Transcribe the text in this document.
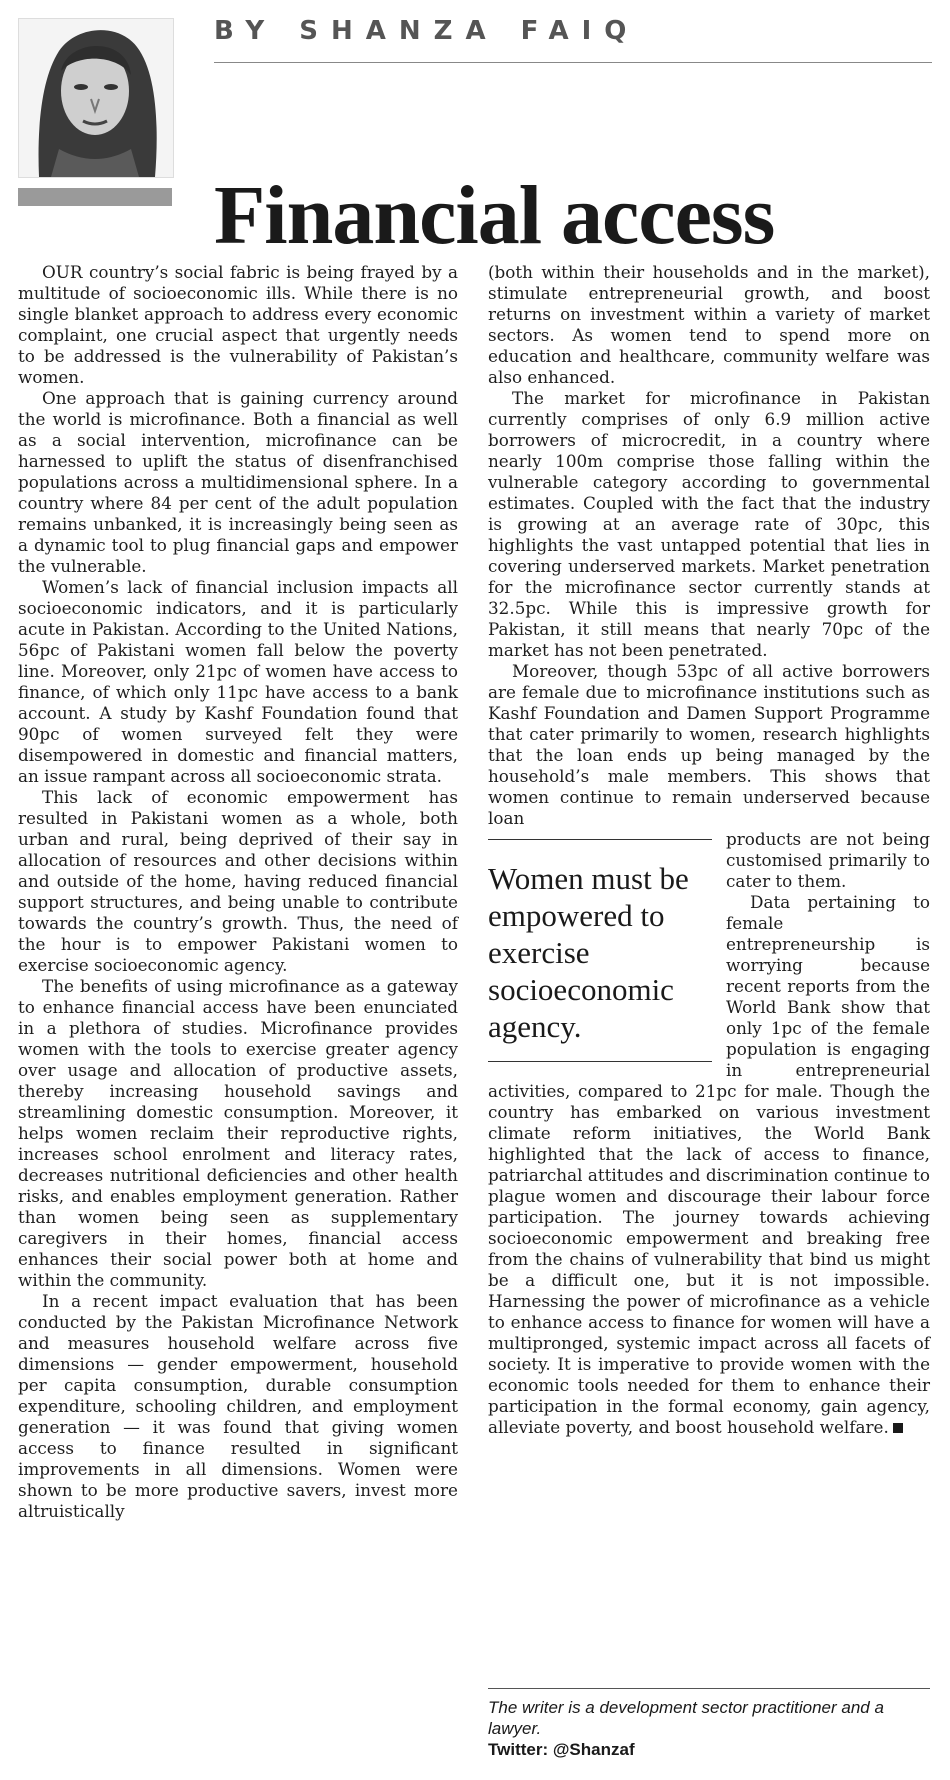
BY SHANZA FAIQ
Financial access

OUR country’s social fabric is being frayed by a multitude of socioeconomic ills. While there is no single blanket approach to address every economic complaint, one crucial aspect that urgently needs to be addressed is the vulnerability of Pakistan’s women.

One approach that is gaining currency around the world is microfinance. Both a financial as well as a social intervention, microfinance can be harnessed to uplift the status of disenfranchised populations across a multidimensional sphere. In a country where 84 per cent of the adult population remains unbanked, it is increasingly being seen as a dynamic tool to plug financial gaps and empower the vulnerable.

Women’s lack of financial inclusion impacts all socioeconomic indicators, and it is particularly acute in Pakistan. According to the United Nations, 56pc of Pakistani women fall below the poverty line. Moreover, only 21pc of women have access to finance, of which only 11pc have access to a bank account. A study by Kashf Foundation found that 90pc of women surveyed felt they were disempowered in domestic and financial matters, an issue rampant across all socioeconomic strata.

This lack of economic empowerment has resulted in Pakistani women as a whole, both urban and rural, being deprived of their say in allocation of resources and other decisions within and outside of the home, having reduced financial support structures, and being unable to contribute towards the country’s growth. Thus, the need of the hour is to empower Pakistani women to exercise socioeconomic agency.

The benefits of using microfinance as a gateway to enhance financial access have been enunciated in a plethora of studies. Microfinance provides women with the tools to exercise greater agency over usage and allocation of productive assets, thereby increasing household savings and streamlining domestic consumption. Moreover, it helps women reclaim their reproductive rights, increases school enrolment and literacy rates, decreases nutritional deficiencies and other health risks, and enables employment generation. Rather than women being seen as supplementary caregivers in their homes, financial access enhances their social power both at home and within the community.

In a recent impact evaluation that has been conducted by the Pakistan Microfinance Network and measures household welfare across five dimensions — gender empowerment, household per capita consumption, durable consumption expenditure, schooling children, and employment generation — it was found that giving women access to finance resulted in significant improvements in all dimensions. Women were shown to be more productive savers, invest more altruistically

(both within their households and in the market), stimulate entrepreneurial growth, and boost returns on investment within a variety of market sectors. As women tend to spend more on education and healthcare, community welfare was also enhanced.

The market for microfinance in Pakistan currently comprises of only 6.9 million active borrowers of microcredit, in a country where nearly 100m comprise those falling within the vulnerable category according to governmental estimates. Coupled with the fact that the industry is growing at an average rate of 30pc, this highlights the vast untapped potential that lies in covering underserved markets. Market penetration for the microfinance sector currently stands at 32.5pc. While this is impressive growth for Pakistan, it still means that nearly 70pc of the market has not been penetrated.

Moreover, though 53pc of all active borrowers are female due to microfinance institutions such as Kashf Foundation and Damen Support Programme that cater primarily to women, research highlights that the loan ends up being managed by the household’s male members. This shows that women continue to remain underserved because loan

Women must be empowered to exercise socioeconomic agency.

products are not being customised primarily to cater to them.

Data pertaining to female entrepreneurship is worrying because recent reports from the World Bank show that only 1pc of the female population is engaging in entrepreneurial activities, compared to 21pc for male. Though the country has embarked on various investment climate reform initiatives, the World Bank highlighted that the lack of access to finance, patriarchal attitudes and discrimination continue to plague women and discourage their labour force participation. The journey towards achieving socioeconomic empowerment and breaking free from the chains of vulnerability that bind us might be a difficult one, but it is not impossible. Harnessing the power of microfinance as a vehicle to enhance access to finance for women will have a multipronged, systemic impact across all facets of society. It is imperative to provide women with the economic tools needed for them to enhance their participation in the formal economy, gain agency, alleviate poverty, and boost household welfare.

The writer is a development sector practitioner and a lawyer.
Twitter: @Shanzaf
